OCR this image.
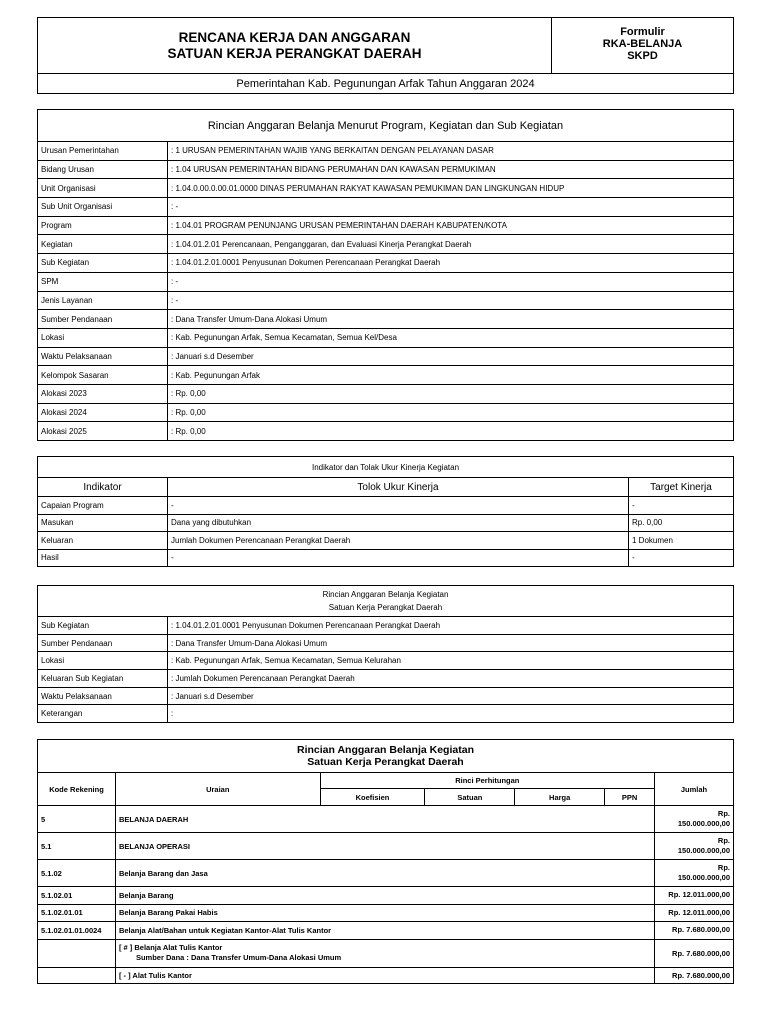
RENCANA KERJA DAN ANGGARAN
SATUAN KERJA PERANGKAT DAERAH

Formulir
RKA-BELANJA
SKPD

Pemerintahan Kab. Pegunungan Arfak Tahun Anggaran 2024
Rincian Anggaran Belanja Menurut Program, Kegiatan dan Sub Kegiatan	
Urusan Pemerintahan	: 1 URUSAN PEMERINTAHAN WAJIB YANG BERKAITAN DENGAN PELAYANAN DASAR
Bidang Urusan	: 1.04 URUSAN PEMERINTAHAN BIDANG PERUMAHAN DAN KAWASAN PERMUKIMAN
Unit Organisasi	: 1.04.0.00.0.00.01.0000 DINAS PERUMAHAN RAKYAT KAWASAN PEMUKIMAN DAN LINGKUNGAN HIDUP
Sub Unit Organisasi	: -
Program	: 1.04.01 PROGRAM PENUNJANG URUSAN PEMERINTAHAN DAERAH KABUPATEN/KOTA
Kegiatan	: 1.04.01.2.01 Perencanaan, Penganggaran, dan Evaluasi Kinerja Perangkat Daerah
Sub Kegiatan	: 1.04.01.2.01.0001 Penyusunan Dokumen Perencanaan Perangkat Daerah
SPM	: -
Jenis Layanan	: -
Sumber Pendanaan	: Dana Transfer Umum-Dana Alokasi Umum
Lokasi	: Kab. Pegunungan Arfak, Semua Kecamatan, Semua Kel/Desa
Waktu Pelaksanaan	: Januari s.d Desember
Kelompok Sasaran	: Kab. Pegunungan Arfak
Alokasi 2023	: Rp. 0,00
Alokasi 2024	: Rp. 0,00
Alokasi 2025	: Rp. 0,00
Indikator dan Tolak Ukur Kinerja Kegiatan		
Indikator	Tolok Ukur Kinerja	Target Kinerja
Capaian Program	-	-
Masukan	Dana yang dibutuhkan	Rp. 0,00
Keluaran	Jumlah Dokumen Perencanaan Perangkat Daerah	1 Dokumen
Hasil	-	-
Rincian Anggaran Belanja Kegiatan
Satuan Kerja Perangkat Daerah	

Sub Kegiatan	: 1.04.01.2.01.0001 Penyusunan Dokumen Perencanaan Perangkat Daerah
Sumber Pendanaan	: Dana Transfer Umum-Dana Alokasi Umum
Lokasi	: Kab. Pegunungan Arfak, Semua Kecamatan, Semua Kelurahan
Keluaran Sub Kegiatan	: Jumlah Dokumen Perencanaan Perangkat Daerah
Waktu Pelaksanaan	: Januari s.d Desember
Keterangan	:
Rincian Anggaran Belanja Kegiatan
Satuan Kerja Perangkat Daerah						

Kode Rekening	Uraian	Rinci Perhitungan				Jumlah
		Koefisien	Satuan	Harga	PPN	
5	BELANJA DAERAH					Rp.
150.000.000,00

5.1	BELANJA OPERASI					Rp.
150.000.000,00

5.1.02	Belanja Barang dan Jasa					Rp.
150.000.000,00

5.1.02.01	Belanja Barang					Rp. 12.011.000,00

5.1.02.01.01	Belanja Barang Pakai Habis					Rp. 12.011.000,00

5.1.02.01.01.0024	Belanja Alat/Bahan untuk Kegiatan Kantor-Alat Tulis Kantor					Rp. 7.680.000,00

	[ # ] Belanja Alat Tulis Kantor
Sumber Dana : Dana Transfer Umum-Dana Alokasi Umum					Rp. 7.680.000,00
	[ - ] Alat Tulis Kantor					Rp. 7.680.000,00
